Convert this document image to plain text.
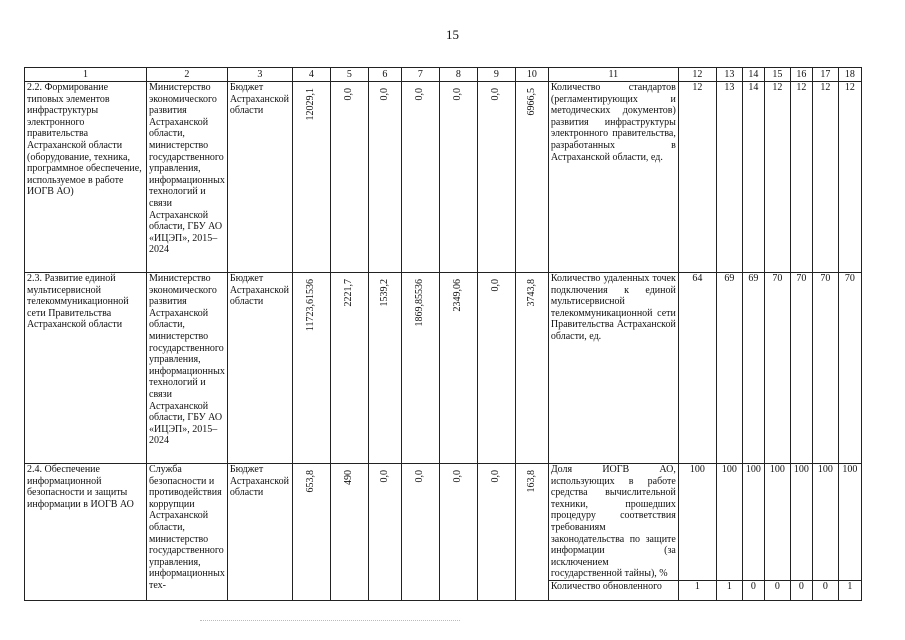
15
1	2	3	4	5	6	7	8	9	10	11	12	13	14	15	16	17	18
2.2. Формирование типовых элементов инфраструктуры электронного правительства Астраханской области (оборудование, техника, программное обеспечение, используемое в работе ИОГВ АО)	Министерство экономического развития Астраханской области, министерство государственного управления, информационных технологий и связи Астраханской области, ГБУ АО «ИЦЭП», 2015–2024	Бюджет Астраханской области	12029,1	0,0	0,0	0,0	0,0	0,0	6966,5	Количество стандартов (регламентирующих и методических документов) развития инфраструктуры электронного правительства, разработанных в Астраханской области, ед.	12	13	14	12	12	12	12
2.3. Развитие единой мультисервисной телекоммуникационной сети Правительства Астраханской области	Министерство экономического развития Астраханской области, министерство государственного управления, информационных технологий и связи Астраханской области, ГБУ АО «ИЦЭП», 2015–2024	Бюджет Астраханской области	11723,61536	2221,7	1539,2	1869,85536	2349,06	0,0	3743,8	Количество удаленных точек подключения к единой мультисервисной телекоммуникационной сети Правительства Астраханской области, ед.	64	69	69	70	70	70	70
2.4. Обеспечение информационной безопасности и защиты информации в ИОГВ АО	Служба безопасности и противодействия коррупции Астраханской области, министерство государственного управления, информационных тех-	Бюджет Астраханской области	653,8	490	0,0	0,0	0,0	0,0	163,8	Доля ИОГВ АО, использующих в работе средства вычислительной техники, прошедших процедуру соответствия требованиям законодательства по защите информации (за исключением государственной тайны), %	100	100	100	100	100	100	100
										Количество обновленного	1	1	0	0	0	0	1
